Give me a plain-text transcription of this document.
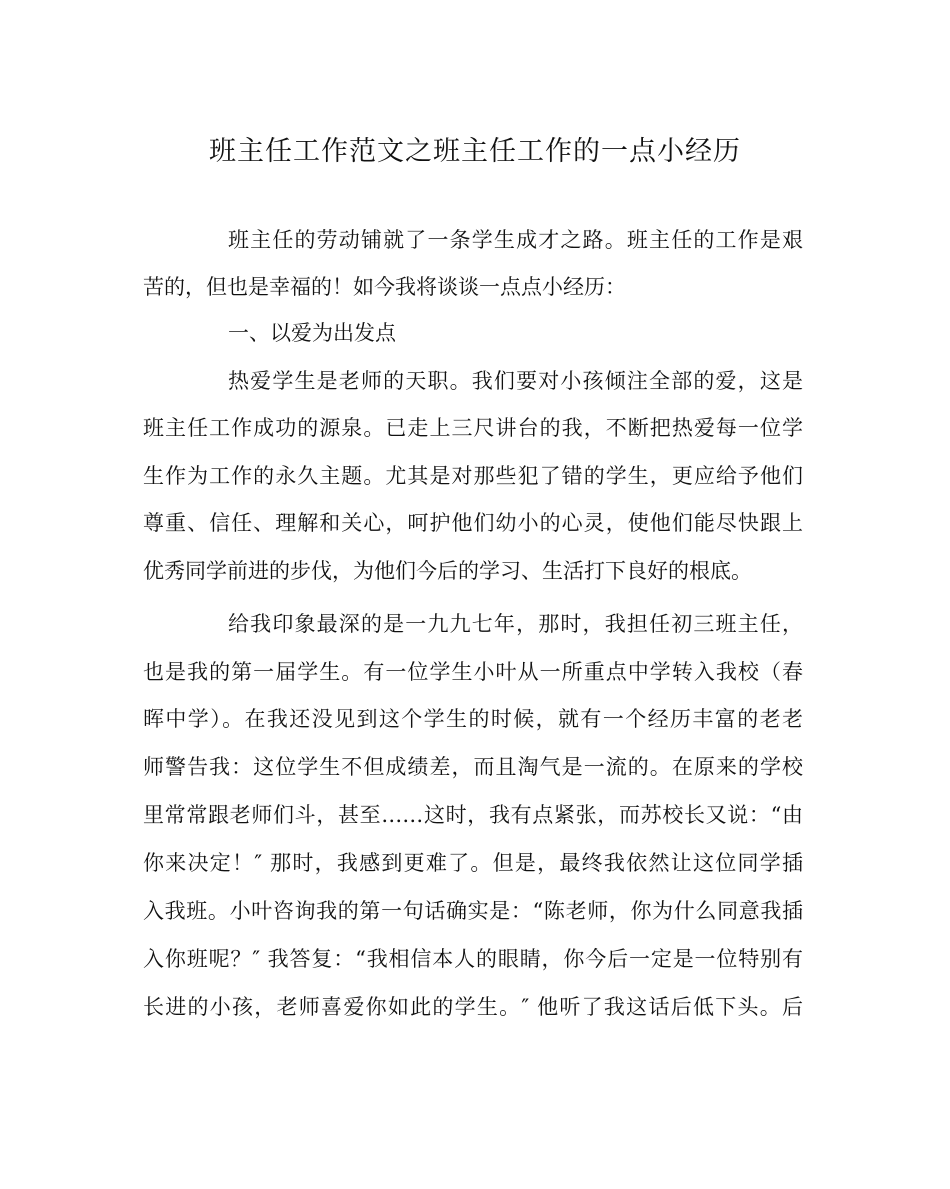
班主任工作范文之班主任工作的一点小经历

班主任的劳动铺就了一条学生成才之路。班主任的工作是艰

苦的，但也是幸福的！如今我将谈谈一点点小经历：

一、以爱为出发点

热爱学生是老师的天职。我们要对小孩倾注全部的爱，这是

班主任工作成功的源泉。已走上三尺讲台的我，不断把热爱每一位学

生作为工作的永久主题。尤其是对那些犯了错的学生，更应给予他们

尊重、信任、理解和关心，呵护他们幼小的心灵，使他们能尽快跟上

优秀同学前进的步伐，为他们今后的学习、生活打下良好的根底。

给我印象最深的是一九九七年，那时，我担任初三班主任，

也是我的第一届学生。有一位学生小叶从一所重点中学转入我校（春

晖中学）。在我还没见到这个学生的时候，就有一个经历丰富的老老

师警告我：这位学生不但成绩差，而且淘气是一流的。在原来的学校

里常常跟老师们斗，甚至……这时，我有点紧张，而苏校长又说：“由

你来决定！″ 那时，我感到更难了。但是，最终我依然让这位同学插

入我班。小叶咨询我的第一句话确实是：“陈老师，你为什么同意我插

入你班呢？″ 我答复：“我相信本人的眼睛，你今后一定是一位特别有

长进的小孩，老师喜爱你如此的学生。″ 他听了我这话后低下头。后
